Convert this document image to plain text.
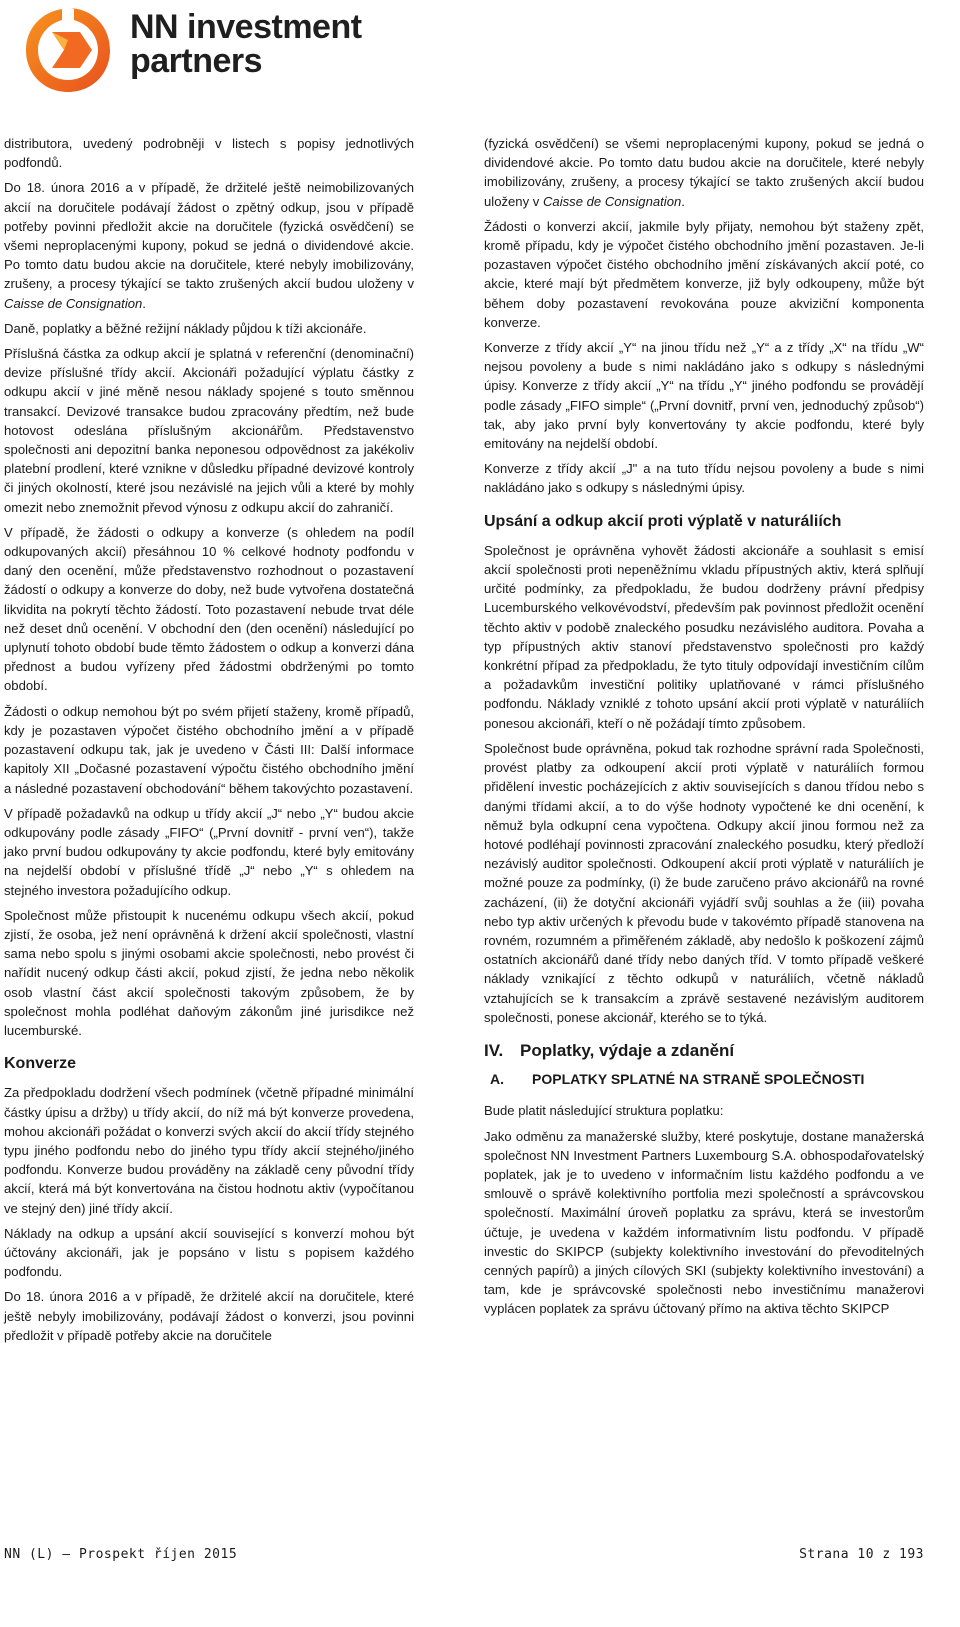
NN investment
partners

distributora, uvedený podrobněji v listech s popisy jednotlivých podfondů.

Do 18. února 2016 a v případě, že držitelé ještě neimobilizovaných akcií na doručitele podávají žádost o zpětný odkup, jsou v případě potřeby povinni předložit akcie na doručitele (fyzická osvědčení) se všemi neproplacenými kupony, pokud se jedná o dividendové akcie. Po tomto datu budou akcie na doručitele, které nebyly imobilizovány, zrušeny, a procesy týkající se takto zrušených akcií budou uloženy v Caisse de Consignation.

Daně, poplatky a běžné režijní náklady půjdou k tíži akcionáře.

Příslušná částka za odkup akcií je splatná v referenční (denominační) devize příslušné třídy akcií. Akcionáři požadující výplatu částky z odkupu akcií v jiné měně nesou náklady spojené s touto směnnou transakcí. Devizové transakce budou zpracovány předtím, než bude hotovost odeslána příslušným akcionářům. Představenstvo společnosti ani depozitní banka neponesou odpovědnost za jakékoliv platební prodlení, které vznikne v důsledku případné devizové kontroly či jiných okolností, které jsou nezávislé na jejich vůli a které by mohly omezit nebo znemožnit převod výnosu z odkupu akcií do zahraničí.

V případě, že žádosti o odkupy a konverze (s ohledem na podíl odkupovaných akcií) přesáhnou 10 % celkové hodnoty podfondu v daný den ocenění, může představenstvo rozhodnout o pozastavení žádostí o odkupy a konverze do doby, než bude vytvořena dostatečná likvidita na pokrytí těchto žádostí. Toto pozastavení nebude trvat déle než deset dnů ocenění. V obchodní den (den ocenění) následující po uplynutí tohoto období bude těmto žádostem o odkup a konverzi dána přednost a budou vyřízeny před žádostmi obdrženými po tomto období.

Žádosti o odkup nemohou být po svém přijetí staženy, kromě případů, kdy je pozastaven výpočet čistého obchodního jmění a v případě pozastavení odkupu tak, jak je uvedeno v Části III: Další informace kapitoly XII „Dočasné pozastavení výpočtu čistého obchodního jmění a následné pozastavení obchodování“ během takovýchto pozastavení.

V případě požadavků na odkup u třídy akcií „J“ nebo „Y“ budou akcie odkupovány podle zásady „FIFO“ („První dovnitř - první ven“), takže jako první budou odkupovány ty akcie podfondu, které byly emitovány na nejdelší období v příslušné třídě „J“ nebo „Y“ s ohledem na stejného investora požadujícího odkup.

Společnost může přistoupit k nucenému odkupu všech akcií, pokud zjistí, že osoba, jež není oprávněná k držení akcií společnosti, vlastní sama nebo spolu s jinými osobami akcie společnosti, nebo provést či nařídit nucený odkup části akcií, pokud zjistí, že jedna nebo několik osob vlastní část akcií společnosti takovým způsobem, že by společnost mohla podléhat daňovým zákonům jiné jurisdikce než lucemburské.

Konverze

Za předpokladu dodržení všech podmínek (včetně případné minimální částky úpisu a držby) u třídy akcií, do níž má být konverze provedena, mohou akcionáři požádat o konverzi svých akcií do akcií třídy stejného typu jiného podfondu nebo do jiného typu třídy akcií stejného/jiného podfondu. Konverze budou prováděny na základě ceny původní třídy akcií, která má být konvertována na čistou hodnotu aktiv (vypočítanou ve stejný den) jiné třídy akcií.

Náklady na odkup a upsání akcií související s konverzí mohou být účtovány akcionáři, jak je popsáno v listu s popisem každého podfondu.

Do 18. února 2016 a v případě, že držitelé akcií na doručitele, které ještě nebyly imobilizovány, podávají žádost o konverzi, jsou povinni předložit v případě potřeby akcie na doručitele

(fyzická osvědčení) se všemi neproplacenými kupony, pokud se jedná o dividendové akcie. Po tomto datu budou akcie na doručitele, které nebyly imobilizovány, zrušeny, a procesy týkající se takto zrušených akcií budou uloženy v Caisse de Consignation.

Žádosti o konverzi akcií, jakmile byly přijaty, nemohou být staženy zpět, kromě případu, kdy je výpočet čistého obchodního jmění pozastaven. Je-li pozastaven výpočet čistého obchodního jmění získávaných akcií poté, co akcie, které mají být předmětem konverze, již byly odkoupeny, může být během doby pozastavení revokována pouze akviziční komponenta konverze.

Konverze z třídy akcií „Y“ na jinou třídu než „Y“ a z třídy „X“ na třídu „W“ nejsou povoleny a bude s nimi nakládáno jako s odkupy s následnými úpisy. Konverze z třídy akcií „Y“ na třídu „Y“ jiného podfondu se provádějí podle zásady „FIFO simple“ („První dovnitř, první ven, jednoduchý způsob“) tak, aby jako první byly konvertovány ty akcie podfondu, které byly emitovány na nejdelší období.

Konverze z třídy akcií „J" a na tuto třídu nejsou povoleny a bude s nimi nakládáno jako s odkupy s následnými úpisy.

Upsání a odkup akcií proti výplatě v naturáliích

Společnost je oprávněna vyhovět žádosti akcionáře a souhlasit s emisí akcií společnosti proti nepeněžnímu vkladu přípustných aktiv, která splňují určité podmínky, za předpokladu, že budou dodrženy právní předpisy Lucemburského velkovévodství, především pak povinnost předložit ocenění těchto aktiv v podobě znaleckého posudku nezávislého auditora. Povaha a typ přípustných aktiv stanoví představenstvo společnosti pro každý konkrétní případ za předpokladu, že tyto tituly odpovídají investičním cílům a požadavkům investiční politiky uplatňované v rámci příslušného podfondu. Náklady vzniklé z tohoto upsání akcií proti výplatě v naturáliích ponesou akcionáři, kteří o ně požádají tímto způsobem.

Společnost bude oprávněna, pokud tak rozhodne správní rada Společnosti, provést platby za odkoupení akcií proti výplatě v naturáliích formou přidělení investic pocházejících z aktiv souvisejících s danou třídou nebo s danými třídami akcií, a to do výše hodnoty vypočtené ke dni ocenění, k němuž byla odkupní cena vypočtena. Odkupy akcií jinou formou než za hotové podléhají povinnosti zpracování znaleckého posudku, který předloží nezávislý auditor společnosti. Odkoupení akcií proti výplatě v naturáliích je možné pouze za podmínky, (i) že bude zaručeno právo akcionářů na rovné zacházení, (ii) že dotyční akcionáři vyjádří svůj souhlas a že (iii) povaha nebo typ aktiv určených k převodu bude v takovémto případě stanovena na rovném, rozumném a přiměřeném základě, aby nedošlo k poškození zájmů ostatních akcionářů dané třídy nebo daných tříd. V tomto případě veškeré náklady vznikající z těchto odkupů v naturáliích, včetně nákladů vztahujících se k transakcím a zprávě sestavené nezávislým auditorem společnosti, ponese akcionář, kterého se to týká.

IV. Poplatky, výdaje a zdanění
A. POPLATKY SPLATNÉ NA STRANĚ SPOLEČNOSTI

Bude platit následující struktura poplatku:

Jako odměnu za manažerské služby, které poskytuje, dostane manažerská společnost NN Investment Partners Luxembourg S.A. obhospodařovatelský poplatek, jak je to uvedeno v informačním listu každého podfondu a ve smlouvě o správě kolektivního portfolia mezi společností a správcovskou společností. Maximální úroveň poplatku za správu, která se investorům účtuje, je uvedena v každém informativním listu podfondu. V případě investic do SKIPCP (subjekty kolektivního investování do převoditelných cenných papírů) a jiných cílových SKI (subjekty kolektivního investování) a tam, kde je správcovské společnosti nebo investičnímu manažerovi vyplácen poplatek za správu účtovaný přímo na aktiva těchto SKIPCP

NN (L) – Prospekt říjen 2015	Strana 10 z 193
